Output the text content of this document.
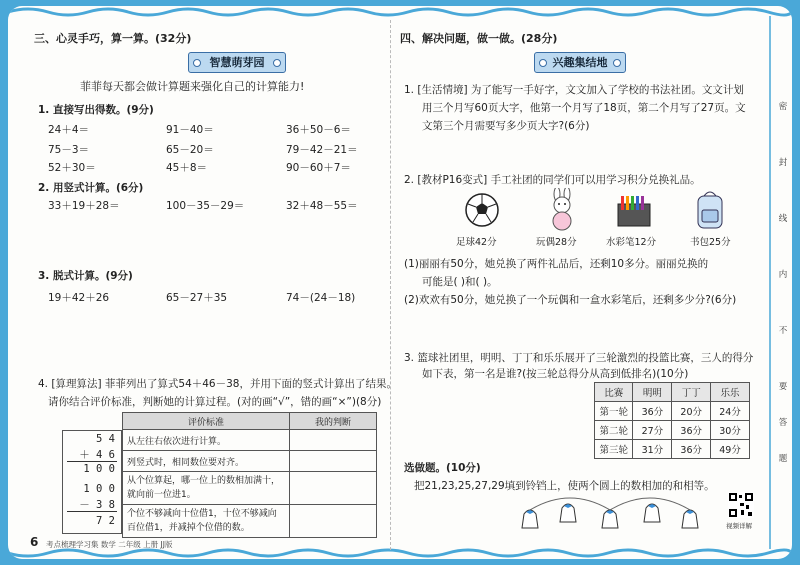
三、心灵手巧，算一算。(32分)
智慧萌芽园
菲菲每天都会做计算题来强化自己的计算能力!
1. 直接写出得数。(9分)
24＋4＝	91－40＝	36＋50－6＝
75－3＝	65－20＝	79－42－21＝
52＋30＝	45＋8＝	90－60＋7＝
2. 用竖式计算。(6分)
33＋19＋28＝	100－35－29＝	32＋48－55＝
3. 脱式计算。(9分)
19＋42＋26	65－27＋35	74－(24－18)
4. [算理算法] 菲菲列出了算式54＋46－38，并用下面的竖式计算出了结果。
请你结合评价标准，判断她的计算过程。(对的画“√”，错的画“×”)(8分)
5 4
＋ 4 6
1 0 0
1 0 0
－ 3 8
7 2
评价标准	我的判断
从左往右依次进行计算。	
列竖式时，相同数位要对齐。	
从个位算起，哪一位上的数相加满十，
就向前一位进1。	
个位不够减向十位借1，十位不够减向
百位借1，并减掉个位借的数。	
6 考点梳理学习集 数学 二年级 上册 JJ版
四、解决问题，做一做。(28分)
兴趣集结地
1. [生活情境] 为了能写一手好字，文文加入了学校的书法社团。文文计划
用三个月写60页大字，他第一个月写了18页，第二个月写了27页。文
文第三个月需要写多少页大字?(6分)
2. [教材P16变式] 手工社团的同学们可以用学习积分兑换礼品。
足球42分	玩偶28分	水彩笔12分	书包25分
(1)丽丽有50分，她兑换了两件礼品后，还剩10多分。丽丽兑换的
可能是( )和( )。
(2)欢欢有50分，她兑换了一个玩偶和一盒水彩笔后，还剩多少分?(6分)
3. 篮球社团里，明明、丁丁和乐乐展开了三轮激烈的投篮比赛，三人的得分
如下表，第一名是谁?(按三轮总得分从高到低排名)(10分)
比赛	明明	丁丁	乐乐
第一轮	36分	20分	24分
第二轮	27分	36分	30分
第三轮	31分	36分	49分
选做题。(10分)
把21,23,25,27,29填到铃铛上，使两个圆上的数相加的和相等。
视频详解
密
封
线
内
不
要
答
题
